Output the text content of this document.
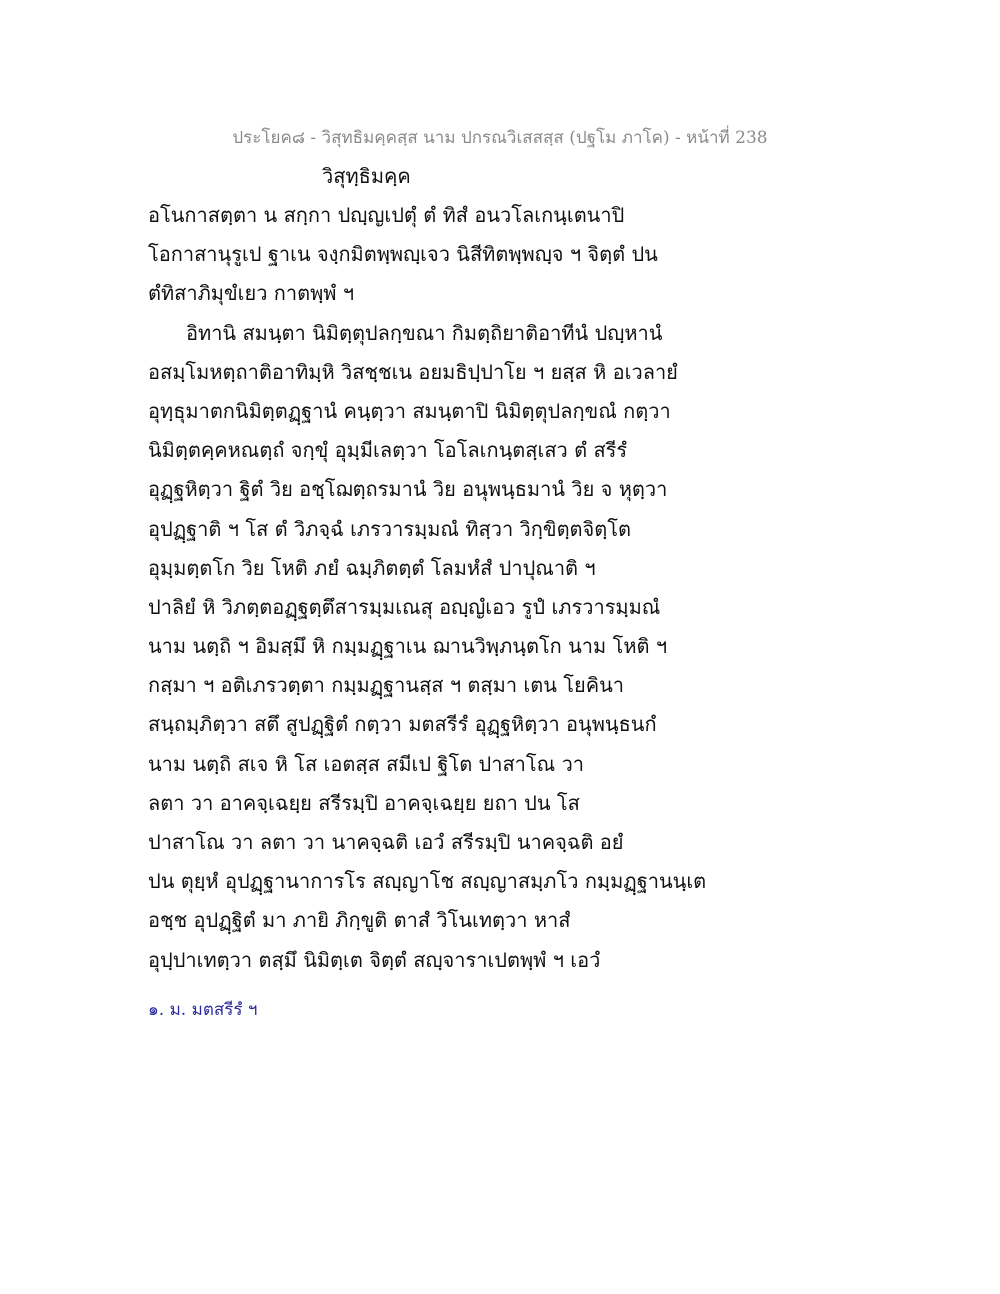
ประโยค๘ - วิสุทธิมคฺคสฺส นาม ปกรณวิเสสสฺส (ปฐโม ภาโค) - หน้าที่ 238
วิสุทฺธิมคฺค
อโนกาสตฺตา น สกฺกา ปญฺญเปตุํ ตํ ทิสํ อนวโลเกนฺเตนาปิ
โอกาสานุรูเป ฐาเน จงฺกมิตพฺพญฺเจว นิสีทิตพฺพญฺจ ฯ จิตฺตํ ปน
ตํทิสาภิมุขํเยว กาตพฺพํ ฯ
อิทานิ สมนฺตา นิมิตฺตุปลกฺขณา กิมตฺถิยาติอาทีนํ ปญฺหานํ
อสมฺโมหตฺถาติอาทิมฺหิ วิสชฺชเน อยมธิปฺปาโย ฯ ยสฺส หิ อเวลายํ
อุทฺธุมาตกนิมิตฺตฏฺฐานํ คนฺตฺวา สมนฺตาปิ นิมิตฺตุปลกฺขณํ กตฺวา
นิมิตฺตคฺคหณตฺถํ จกฺขุํ อุมฺมีเลตฺวา โอโลเกนฺตสฺเสว ตํ สรีรํ
อุฏฺฐหิตฺวา ฐิตํ วิย อชฺโฌตฺถรมานํ วิย อนุพนฺธมานํ วิย จ หุตฺวา
อุปฏฺฐาติ ฯ โส ตํ วิภจฺฉํ เภรวารมฺมณํ ทิสฺวา วิกฺขิตฺตจิตฺโต
อุมฺมตฺตโก วิย โหติ ภยํ ฉมฺภิตตฺตํ โลมหํสํ ปาปุณาติ ฯ
ปาลิยํ หิ วิภตฺตอฏฺฐตฺตึสารมฺมเณสุ อญฺญํเอว รูปํ เภรวารมฺมณํ
นาม นตฺถิ ฯ อิมสฺมึ หิ กมฺมฏฺฐาเน ฌานวิพฺภนฺตโก นาม โหติ ฯ
กสฺมา ฯ อติเภรวตฺตา กมฺมฏฺฐานสฺส ฯ ตสฺมา เตน โยคินา
สนฺถมฺภิตฺวา สตึ สูปฏฺฐิตํ กตฺวา มตสรีรํ อุฏฺฐหิตฺวา อนุพนฺธนกํ
นาม นตฺถิ สเจ หิ โส เอตสฺส สมีเป ฐิโต ปาสาโณ วา
ลตา วา อาคจฺเฉยฺย สรีรมฺปิ อาคจฺเฉยฺย ยถา ปน โส
ปาสาโณ วา ลตา วา นาคจฺฉติ เอวํ สรีรมฺปิ นาคจฺฉติ อยํ
ปน ตุยฺหํ อุปฏฺฐานาการโร สญฺญาโช สญฺญาสมฺภโว กมฺมฏฺฐานนฺเต
อชฺช อุปฏฺฐิตํ มา ภายิ ภิกฺขูติ ตาสํ วิโนเทตฺวา หาสํ
อุปฺปาเทตฺวา ตสฺมึ นิมิตฺเต จิตฺตํ สญฺจาราเปตพฺพํ ฯ เอวํ
๑. ม. มตสรีรํ ฯ
